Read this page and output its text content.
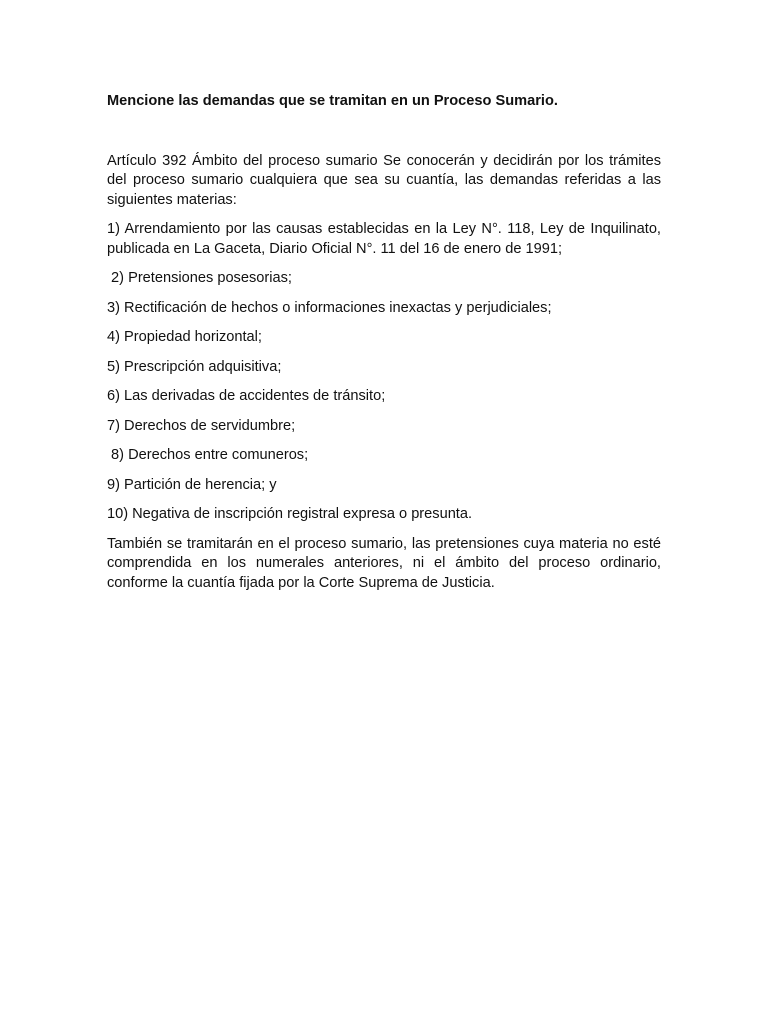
Mencione las demandas que se tramitan en un Proceso Sumario.

Artículo 392 Ámbito del proceso sumario Se conocerán y decidirán por los trámites del proceso sumario cualquiera que sea su cuantía, las demandas referidas a las siguientes materias:

1) Arrendamiento por las causas establecidas en la Ley N°. 118, Ley de Inquilinato, publicada en La Gaceta, Diario Oficial N°. 11 del 16 de enero de 1991;

2) Pretensiones posesorias;

3) Rectificación de hechos o informaciones inexactas y perjudiciales;

4) Propiedad horizontal;

5) Prescripción adquisitiva;

6) Las derivadas de accidentes de tránsito;

7) Derechos de servidumbre;

8) Derechos entre comuneros;

9) Partición de herencia; y

10) Negativa de inscripción registral expresa o presunta.

También se tramitarán en el proceso sumario, las pretensiones cuya materia no esté comprendida en los numerales anteriores, ni el ámbito del proceso ordinario, conforme la cuantía fijada por la Corte Suprema de Justicia.
